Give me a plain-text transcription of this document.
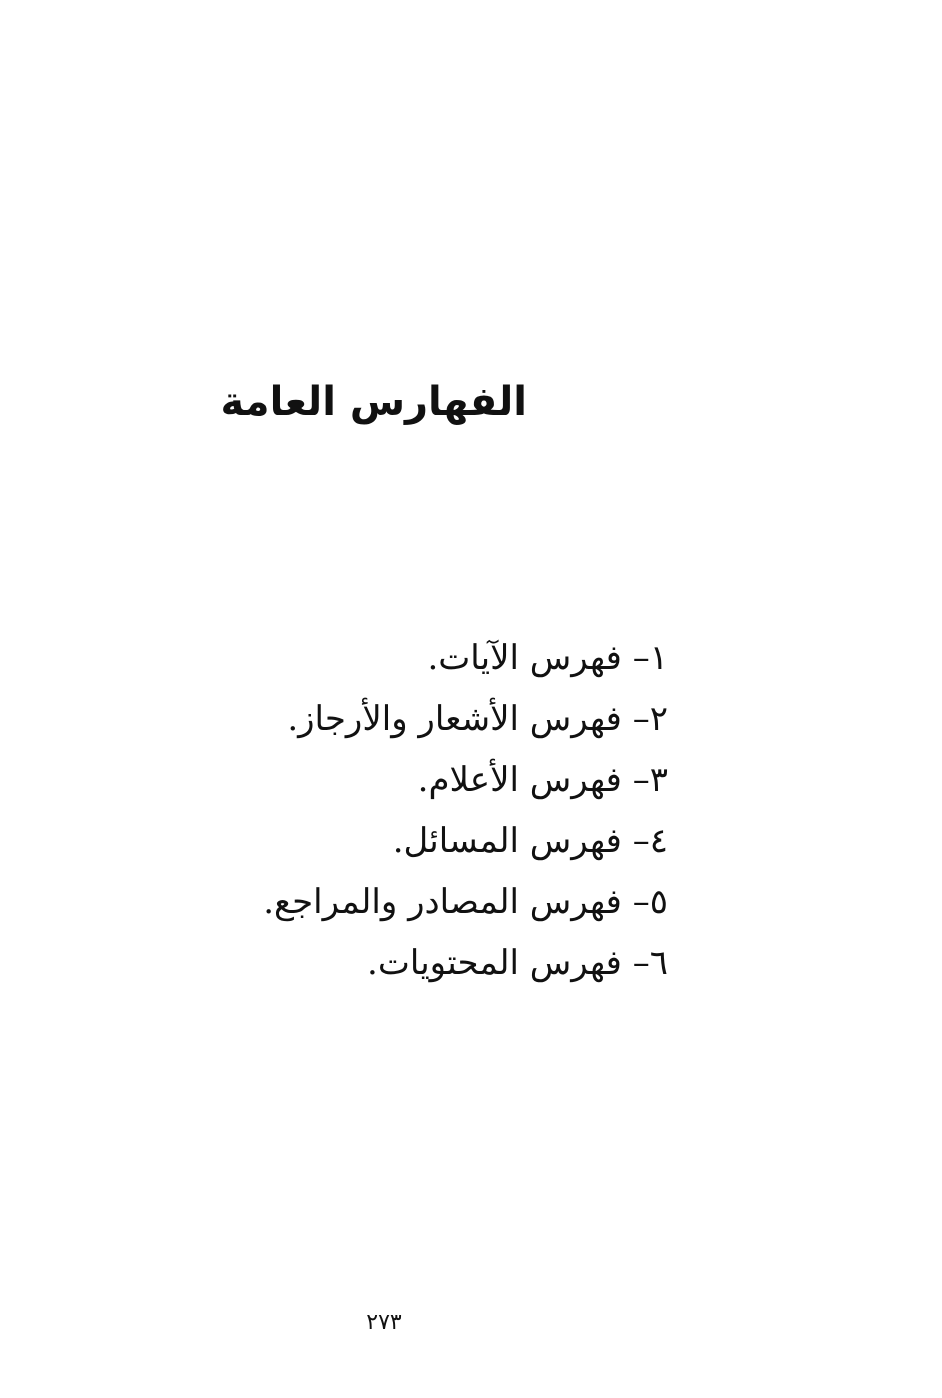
الفهارس العامة
١– فهرس الآيات.
٢– فهرس الأشعار والأرجاز.
٣– فهرس الأعلام.
٤– فهرس المسائل.
٥– فهرس المصادر والمراجع.
٦– فهرس المحتويات.
٢٧٣
